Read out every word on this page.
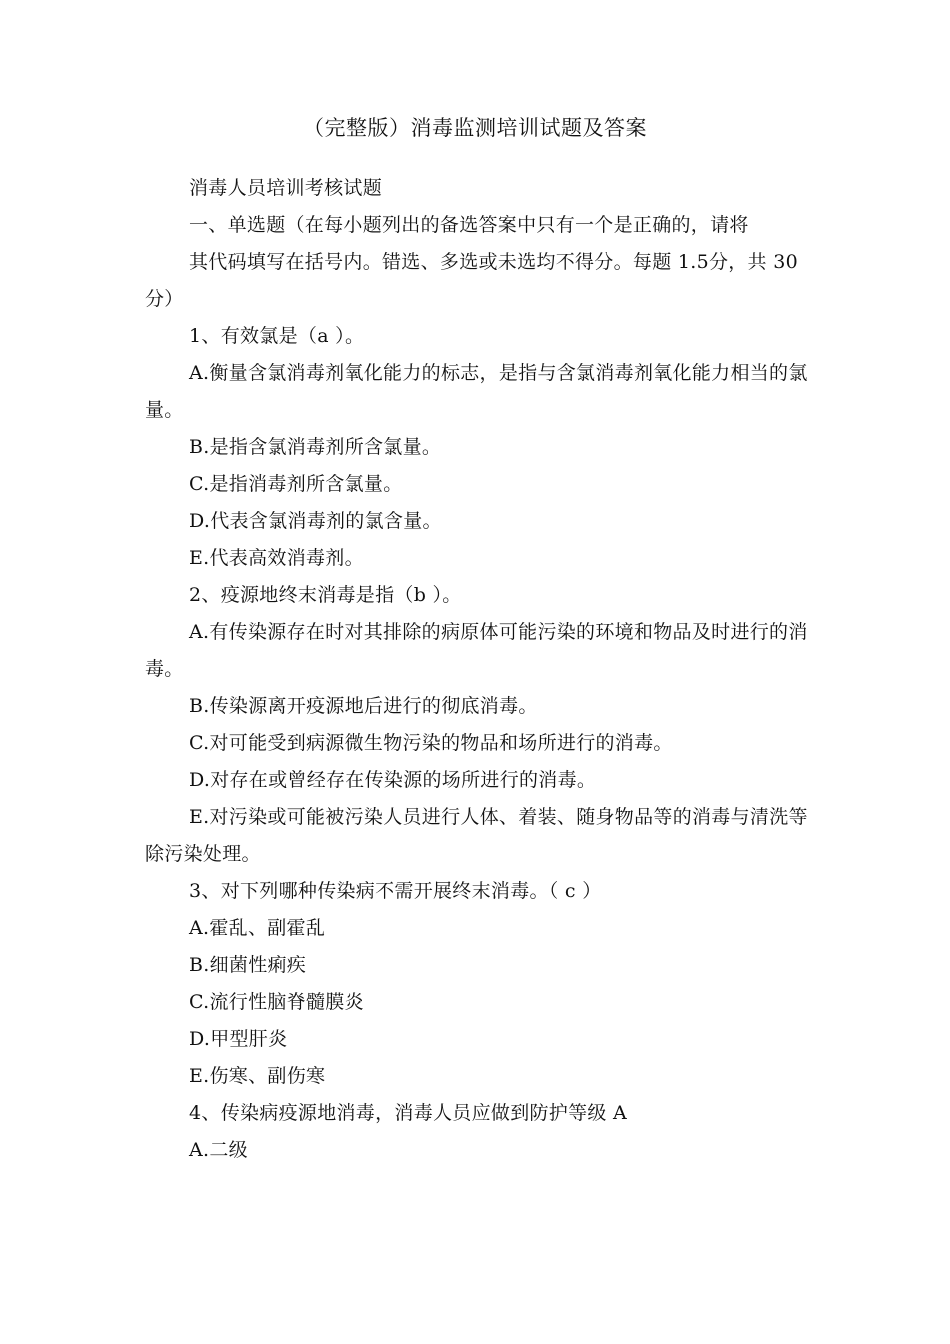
（完整版）消毒监测培训试题及答案

消毒人员培训考核试题

一、单选题（在每小题列出的备选答案中只有一个是正确的，请将

其代码填写在括号内。错选、多选或未选均不得分。每题 1.5分，共 30 分）

1、有效氯是（a ）。

A.衡量含氯消毒剂氧化能力的标志，是指与含氯消毒剂氧化能力相当的氯量。

B.是指含氯消毒剂所含氯量。

C.是指消毒剂所含氯量。

D.代表含氯消毒剂的氯含量。

E.代表高效消毒剂。

2、疫源地终末消毒是指（b ）。

A.有传染源存在时对其排除的病原体可能污染的环境和物品及时进行的消毒。

B.传染源离开疫源地后进行的彻底消毒。

C.对可能受到病源微生物污染的物品和场所进行的消毒。

D.对存在或曾经存在传染源的场所进行的消毒。

E.对污染或可能被污染人员进行人体、着装、随身物品等的消毒与清洗等除污染处理。

3、对下列哪种传染病不需开展终末消毒。（ c ）

A.霍乱、副霍乱

B.细菌性痢疾

C.流行性脑脊髓膜炎

D.甲型肝炎

E.伤寒、副伤寒

4、传染病疫源地消毒，消毒人员应做到防护等级 A

A.二级
